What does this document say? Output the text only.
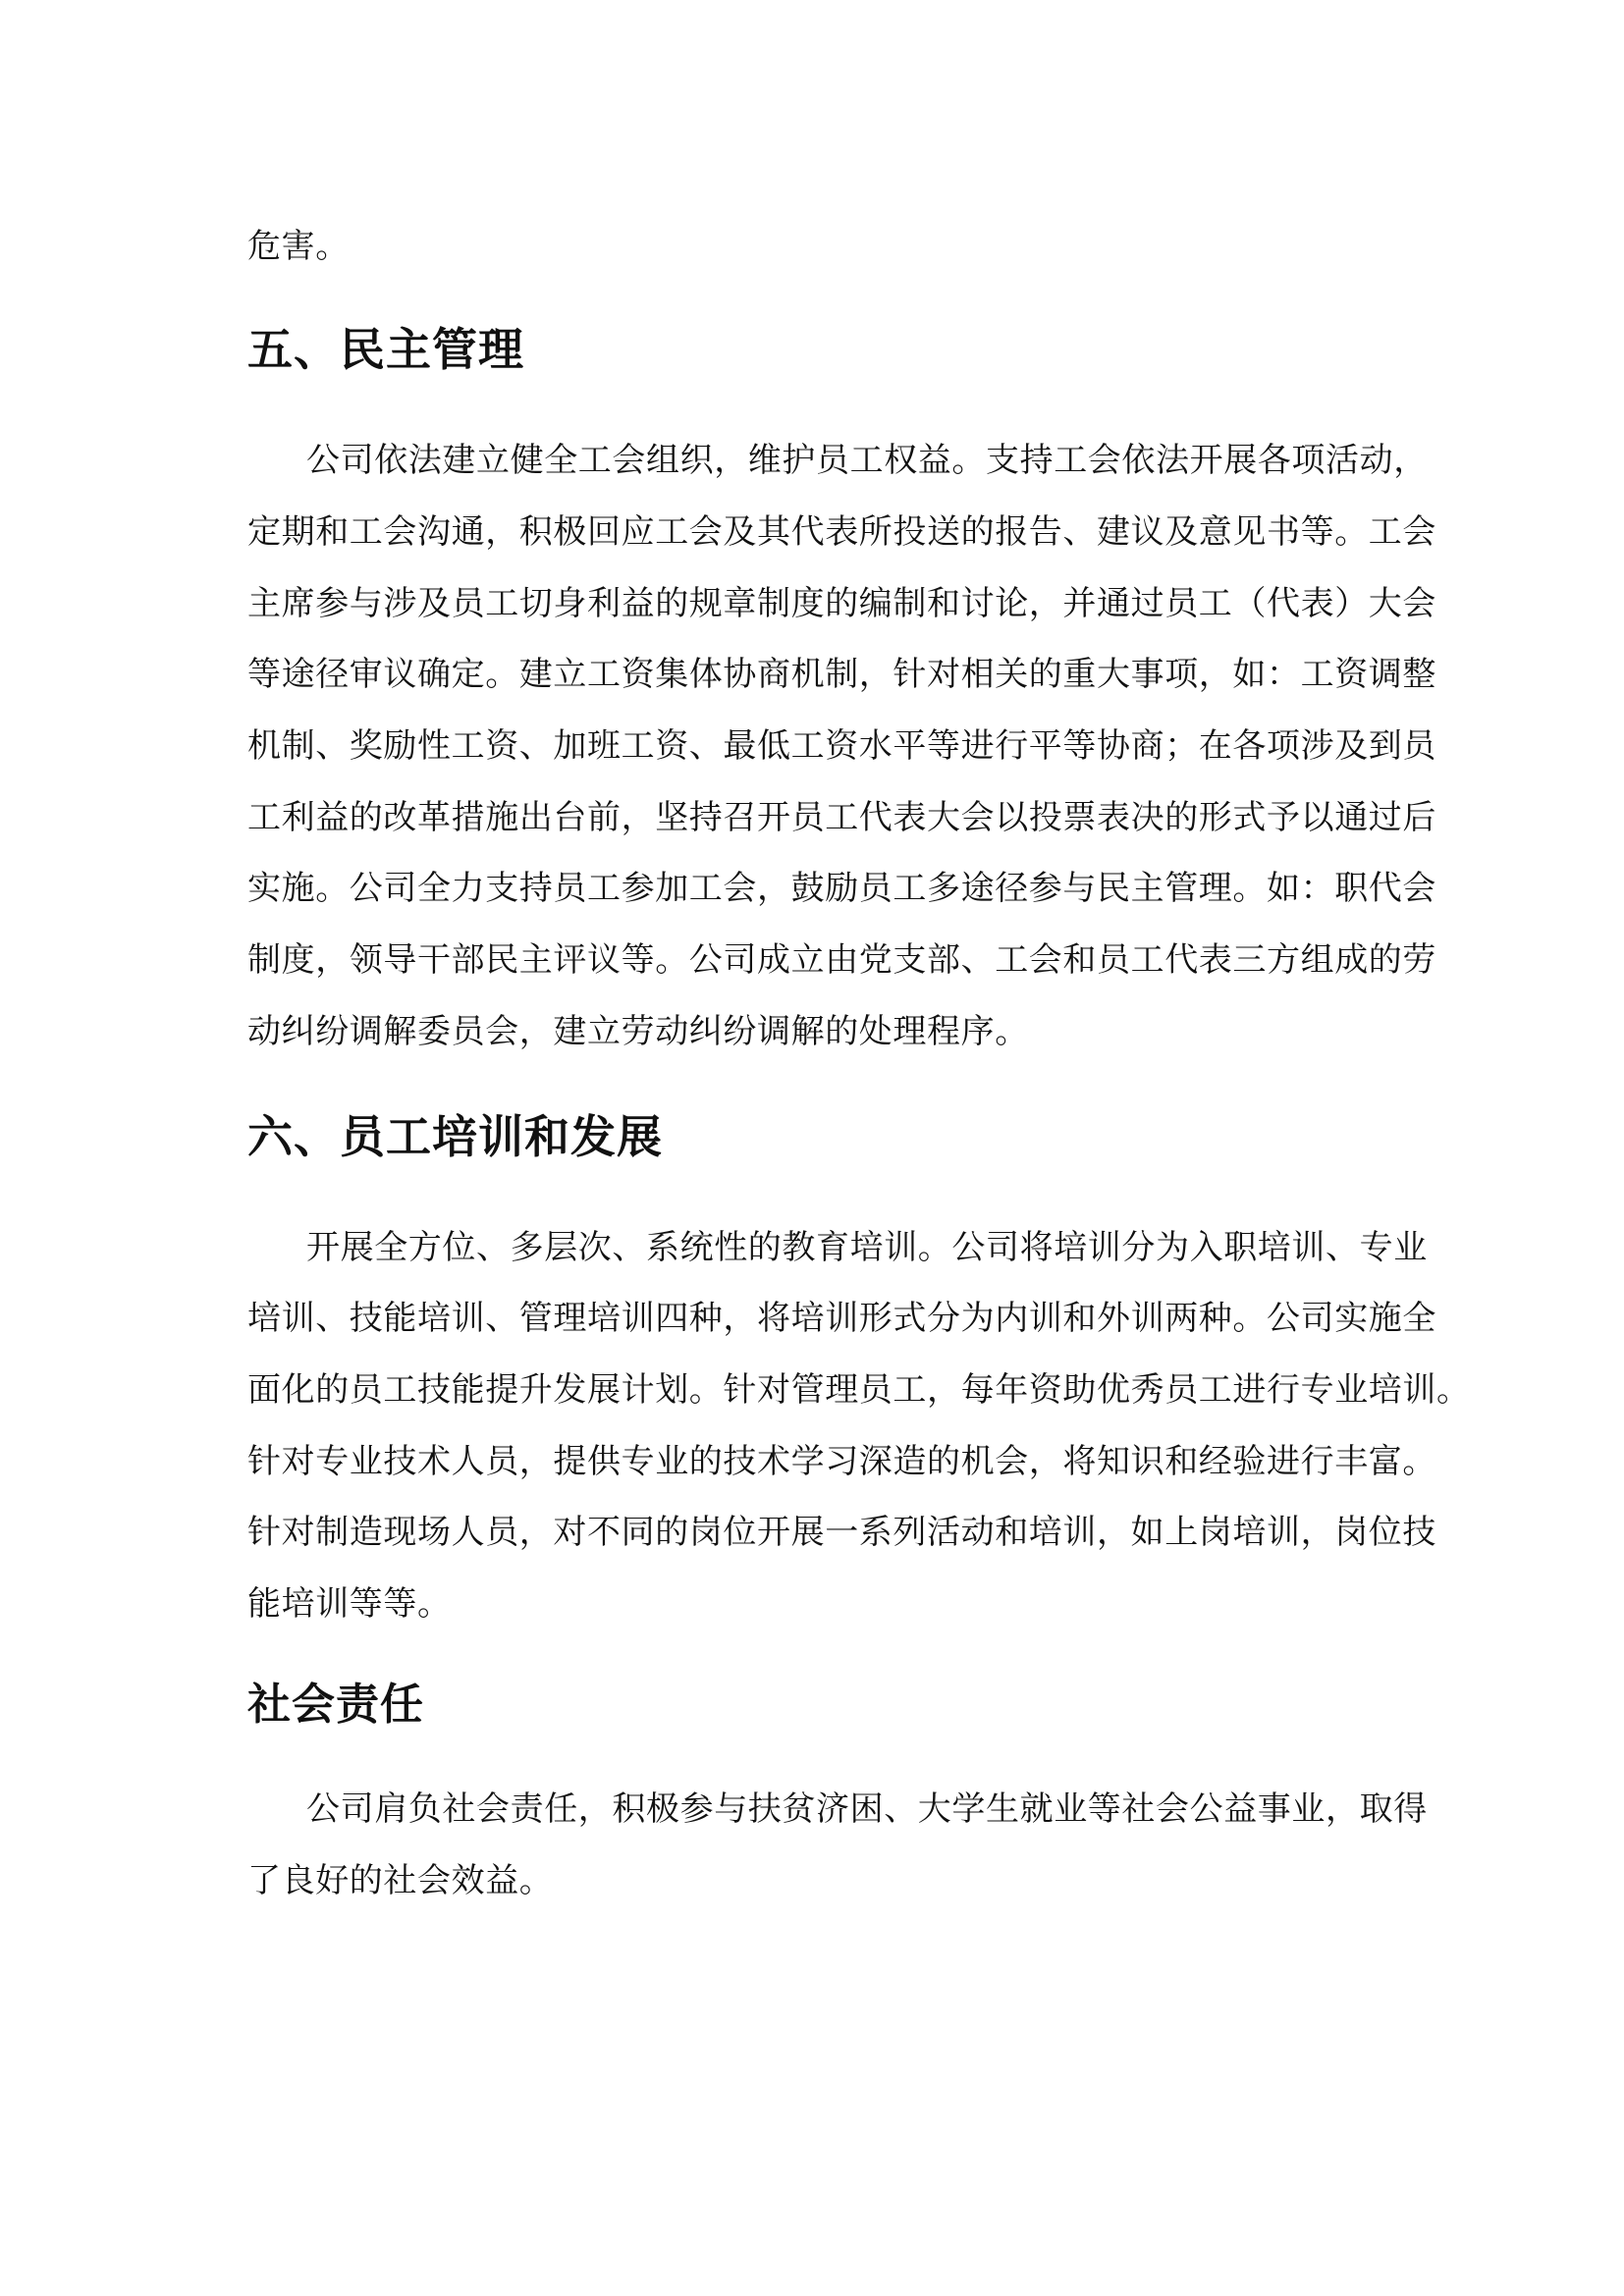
危害。
五、民主管理
公司依法建立健全工会组织，维护员工权益。支持工会依法开展各项活动，
定期和工会沟通，积极回应工会及其代表所投送的报告、建议及意见书等。工会
主席参与涉及员工切身利益的规章制度的编制和讨论，并通过员工（代表）大会
等途径审议确定。建立工资集体协商机制，针对相关的重大事项，如：工资调整
机制、奖励性工资、加班工资、最低工资水平等进行平等协商；在各项涉及到员
工利益的改革措施出台前，坚持召开员工代表大会以投票表决的形式予以通过后
实施。公司全力支持员工参加工会，鼓励员工多途径参与民主管理。如：职代会
制度，领导干部民主评议等。公司成立由党支部、工会和员工代表三方组成的劳
动纠纷调解委员会，建立劳动纠纷调解的处理程序。
六、员工培训和发展
开展全方位、多层次、系统性的教育培训。公司将培训分为入职培训、专业
培训、技能培训、管理培训四种，将培训形式分为内训和外训两种。公司实施全
面化的员工技能提升发展计划。针对管理员工，每年资助优秀员工进行专业培训。
针对专业技术人员，提供专业的技术学习深造的机会，将知识和经验进行丰富。
针对制造现场人员，对不同的岗位开展一系列活动和培训，如上岗培训，岗位技
能培训等等。
社会责任
公司肩负社会责任，积极参与扶贫济困、大学生就业等社会公益事业，取得
了良好的社会效益。
